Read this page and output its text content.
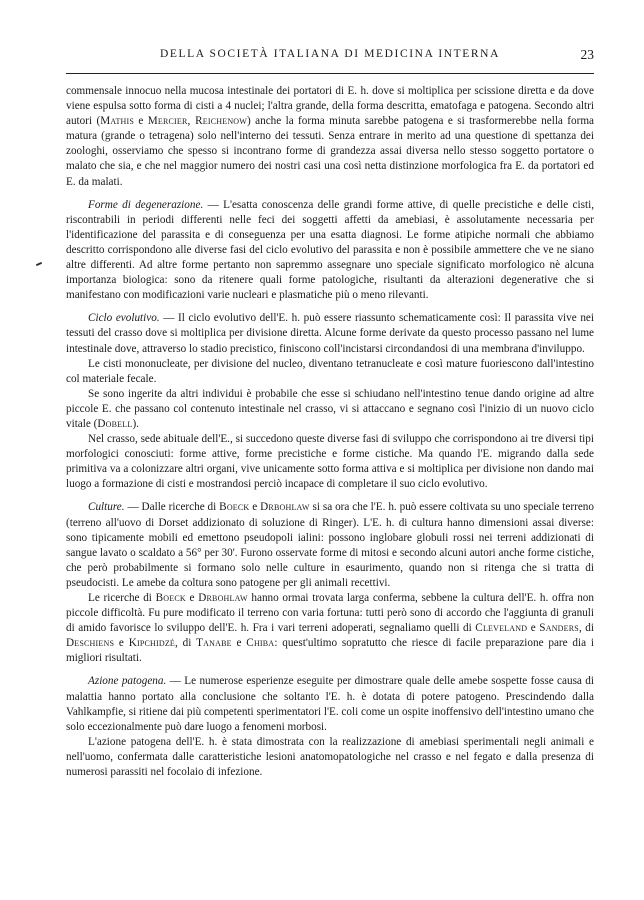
DELLA SOCIETÀ ITALIANA DI MEDICINA INTERNA	23

commensale innocuo nella mucosa intestinale dei portatori di E. h. dove si moltiplica per scissione diretta e da dove viene espulsa sotto forma di cisti a 4 nuclei; l'altra grande, della forma descritta, ematofaga e patogena. Secondo altri autori (Mathis e Mercier, Reichenow) anche la forma minuta sarebbe patogena e si trasformerebbe nella forma matura (grande o tetragena) solo nell'interno dei tessuti. Senza entrare in merito ad una questione di spettanza dei zoologhi, osserviamo che spesso si incontrano forme di grandezza assai diversa nello stesso soggetto portatore o malato che sia, e che nel maggior numero dei nostri casi una così netta distinzione morfologica fra E. da portatori ed E. da malati.

Forme di degenerazione. — L'esatta conoscenza delle grandi forme attive, di quelle precistiche e delle cisti, riscontrabili in periodi differenti nelle feci dei soggetti affetti da amebiasi, è assolutamente necessaria per l'identificazione del parassita e di conseguenza per una esatta diagnosi. Le forme atipiche normali che abbiamo descritto corrispondono alle diverse fasi del ciclo evolutivo del parassita e non è possibile ammettere che ve ne siano altre differenti. Ad altre forme pertanto non sapremmo assegnare uno speciale significato morfologico nè alcuna importanza biologica: sono da ritenere quali forme patologiche, risultanti da alterazioni degenerative che si manifestano con modificazioni varie nucleari e plasmatiche più o meno rilevanti.

Ciclo evolutivo. — Il ciclo evolutivo dell'E. h. può essere riassunto schematicamente così: Il parassita vive nei tessuti del crasso dove si moltiplica per divisione diretta. Alcune forme derivate da questo processo passano nel lume intestinale dove, attraverso lo stadio precistico, finiscono coll'incistarsi circondandosi di una membrana d'inviluppo.

Le cisti mononucleate, per divisione del nucleo, diventano tetranucleate e così mature fuoriescono dall'intestino col materiale fecale.

Se sono ingerite da altri individui è probabile che esse si schiudano nell'intestino tenue dando origine ad altre piccole E. che passano col contenuto intestinale nel crasso, vi si attaccano e segnano così l'inizio di un nuovo ciclo vitale (Dobell).

Nel crasso, sede abituale dell'E., si succedono queste diverse fasi di sviluppo che corrispondono ai tre diversi tipi morfologici conosciuti: forme attive, forme precistiche e forme cistiche. Ma quando l'E. migrando dalla sede primitiva va a colonizzare altri organi, vive unicamente sotto forma attiva e si moltiplica per divisione non dando mai luogo a formazione di cisti e mostrandosi perciò incapace di completare il suo ciclo evolutivo.

Culture. — Dalle ricerche di Boeck e Drbohlaw si sa ora che l'E. h. può essere coltivata su uno speciale terreno (terreno all'uovo di Dorset addizionato di soluzione di Ringer). L'E. h. di cultura hanno dimensioni assai diverse: sono tipicamente mobili ed emettono pseudopoli ialini: possono inglobare globuli rossi nei terreni addizionati di sangue lavato o scaldato a 56° per 30'. Furono osservate forme di mitosi e secondo alcuni autori anche forme cistiche, che però probabilmente si formano solo nelle culture in esaurimento, quando non si ritenga che si tratta di pseudocisti. Le amebe da coltura sono patogene per gli animali recettivi.

Le ricerche di Boeck e Drbohlaw hanno ormai trovata larga conferma, sebbene la cultura dell'E. h. offra non piccole difficoltà. Fu pure modificato il terreno con varia fortuna: tutti però sono di accordo che l'aggiunta di granuli di amido favorisce lo sviluppo dell'E. h. Fra i vari terreni adoperati, segnaliamo quelli di Cleveland e Sanders, di Deschiens e Kipchidzé, di Tanabe e Chiba: quest'ultimo sopratutto che riesce di facile preparazione pare dia i migliori risultati.

Azione patogena. — Le numerose esperienze eseguite per dimostrare quale delle amebe sospette fosse causa di malattia hanno portato alla conclusione che soltanto l'E. h. è dotata di potere patogeno. Prescindendo dalla Vahlkampfie, si ritiene dai più competenti sperimentatori l'E. coli come un ospite inoffensivo dell'intestino umano che solo eccezionalmente può dare luogo a fenomeni morbosi.

L'azione patogena dell'E. h. è stata dimostrata con la realizzazione di amebiasi sperimentali negli animali e nell'uomo, confermata dalle caratteristiche lesioni anatomopatologiche nel crasso e nel fegato e dalla presenza di numerosi parassiti nel focolaio di infezione.
